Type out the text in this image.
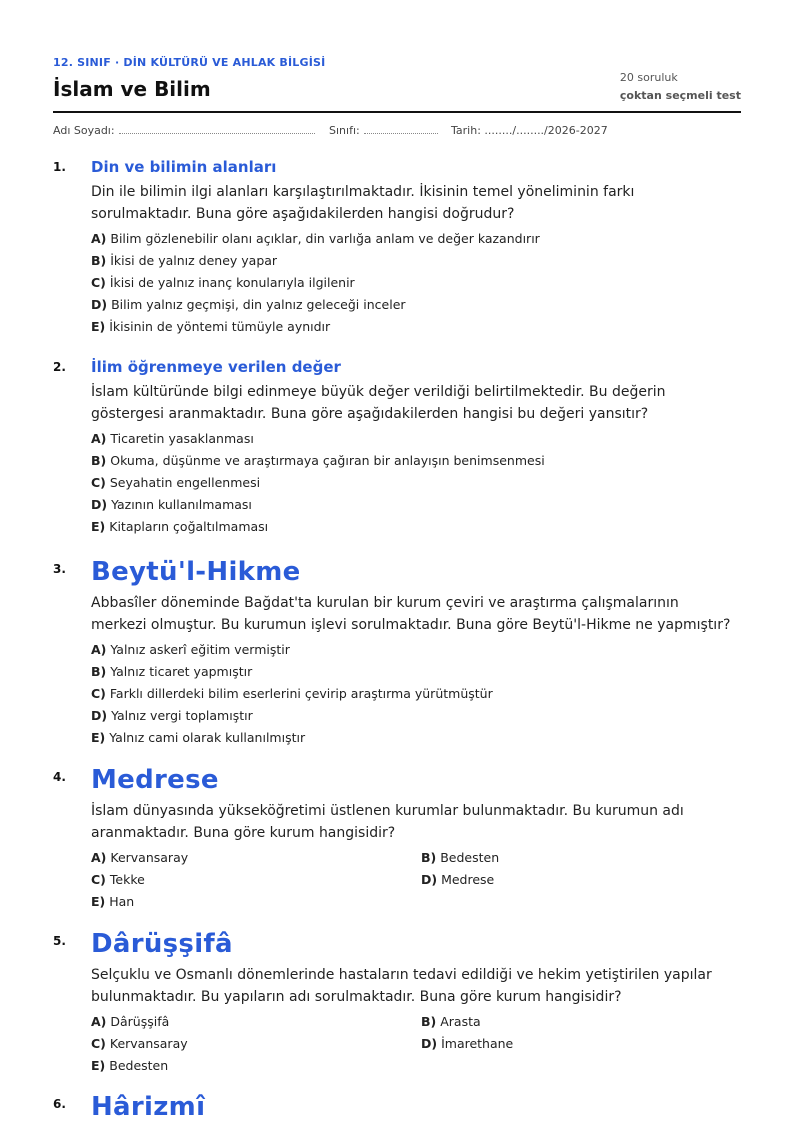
12. SINIF · DİN KÜLTÜRÜ VE AHLAK BİLGİSİ
İslam ve Bilim	20 soruluk
çoktan seçmeli test
Adı Soyadı:	Sınıfı:	Tarih: ......../......../2026-2027
1. Din ve bilimin alanları
Din ile bilimin ilgi alanları karşılaştırılmaktadır. İkisinin temel yöneliminin farkı sorulmaktadır. Buna göre aşağıdakilerden hangisi doğrudur?
A) Bilim gözlenebilir olanı açıklar, din varlığa anlam ve değer kazandırır
B) İkisi de yalnız deney yapar
C) İkisi de yalnız inanç konularıyla ilgilenir
D) Bilim yalnız geçmişi, din yalnız geleceği inceler
E) İkisinin de yöntemi tümüyle aynıdır
2. İlim öğrenmeye verilen değer
İslam kültüründe bilgi edinmeye büyük değer verildiği belirtilmektedir. Bu değerin göstergesi aranmaktadır. Buna göre aşağıdakilerden hangisi bu değeri yansıtır?
A) Ticaretin yasaklanması
B) Okuma, düşünme ve araştırmaya çağıran bir anlayışın benimsenmesi
C) Seyahatin engellenmesi
D) Yazının kullanılmaması
E) Kitapların çoğaltılmaması
3. Beytü'l-Hikme
Abbasîler döneminde Bağdat'ta kurulan bir kurum çeviri ve araştırma çalışmalarının merkezi olmuştur. Bu kurumun işlevi sorulmaktadır. Buna göre Beytü'l-Hikme ne yapmıştır?
A) Yalnız askerî eğitim vermiştir
B) Yalnız ticaret yapmıştır
C) Farklı dillerdeki bilim eserlerini çevirip araştırma yürütmüştür
D) Yalnız vergi toplamıştır
E) Yalnız cami olarak kullanılmıştır
4. Medrese
İslam dünyasında yükseköğretimi üstlenen kurumlar bulunmaktadır. Bu kurumun adı aranmaktadır. Buna göre kurum hangisidir?
A) Kervansaray	B) Bedesten
C) Tekke	D) Medrese
E) Han
5. Dârüşşifâ
Selçuklu ve Osmanlı dönemlerinde hastaların tedavi edildiği ve hekim yetiştirilen yapılar bulunmaktadır. Bu yapıların adı sorulmaktadır. Buna göre kurum hangisidir?
A) Dârüşşifâ	B) Arasta
C) Kervansaray	D) İmarethane
E) Bedesten
6. Hârizmî
